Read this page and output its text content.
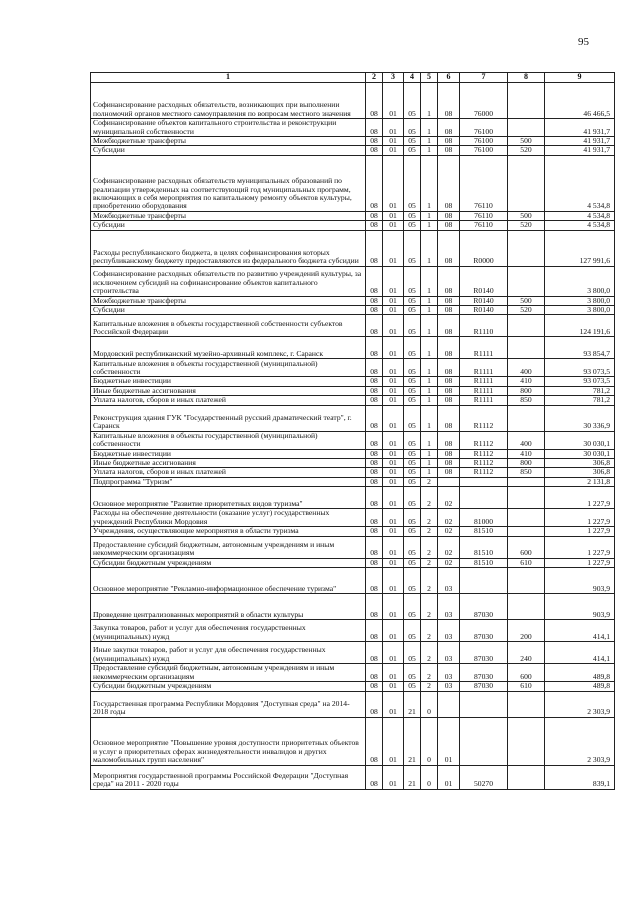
95
1	2	3	4	5	6	7	8	9
Софинансирование расходных обязательств, возникающих при выполнении полномочий органов местного самоуправления по вопросам местного значения	08	01	05	1	08	76000		46 466,5
Софинансирование объектов капитального строительства и реконструкции муниципальной собственности	08	01	05	1	08	76100		41 931,7
Межбюджетные трансферты	08	01	05	1	08	76100	500	41 931,7
Субсидии	08	01	05	1	08	76100	520	41 931,7
Софинансирование расходных обязательств муниципальных образований по реализации утвержденных на соответствующий год муниципальных программ, включающих в себя мероприятия по капитальному ремонту объектов культуры, приобретению оборудования	08	01	05	1	08	76110		4 534,8
Межбюджетные трансферты	08	01	05	1	08	76110	500	4 534,8
Субсидии	08	01	05	1	08	76110	520	4 534,8
Расходы республиканского бюджета, в целях софинансирования которых республиканскому бюджету предоставляются из федерального бюджета субсидии	08	01	05	1	08	R0000		127 991,6
Софинансирование расходных обязательств по развитию учреждений культуры, за исключением субсидий на софинансирование объектов капитального строительства	08	01	05	1	08	R0140		3 800,0
Межбюджетные трансферты	08	01	05	1	08	R0140	500	3 800,0
Субсидии	08	01	05	1	08	R0140	520	3 800,0
Капитальные вложения в объекты государственной собственности субъектов Российской Федерации	08	01	05	1	08	R1110		124 191,6
Мордовский республиканский музейно-архивный комплекс, г. Саранск	08	01	05	1	08	R1111		93 854,7
Капитальные вложения в объекты государственной (муниципальной) собственности	08	01	05	1	08	R1111	400	93 073,5
Бюджетные инвестиции	08	01	05	1	08	R1111	410	93 073,5
Иные бюджетные ассигнования	08	01	05	1	08	R1111	800	781,2
Уплата налогов, сборов и иных платежей	08	01	05	1	08	R1111	850	781,2
Реконструкция здания ГУК "Государственный русский драматический театр", г. Саранск	08	01	05	1	08	R1112		30 336,9
Капитальные вложения в объекты государственной (муниципальной) собственности	08	01	05	1	08	R1112	400	30 030,1
Бюджетные инвестиции	08	01	05	1	08	R1112	410	30 030,1
Иные бюджетные ассигнования	08	01	05	1	08	R1112	800	306,8
Уплата налогов, сборов и иных платежей	08	01	05	1	08	R1112	850	306,8
Подпрограмма "Туризм"	08	01	05	2				2 131,8
Основное мероприятие "Развитие приоритетных видов туризма"	08	01	05	2	02			1 227,9
Расходы на обеспечение деятельности (оказание услуг) государственных учреждений Республики Мордовия	08	01	05	2	02	81000		1 227,9
Учреждения, осуществляющие мероприятия в области туризма	08	01	05	2	02	81510		1 227,9
Предоставление субсидий бюджетным, автономным учреждениям и иным некоммерческим организациям	08	01	05	2	02	81510	600	1 227,9
Субсидии бюджетным учреждениям	08	01	05	2	02	81510	610	1 227,9
Основное мероприятие "Рекламно-информационное обеспечение туризма"	08	01	05	2	03			903,9
Проведение централизованных мероприятий в области культуры	08	01	05	2	03	87030		903,9
Закупка товаров, работ и услуг для обеспечения государственных (муниципальных) нужд	08	01	05	2	03	87030	200	414,1
Иные закупки товаров, работ и услуг для обеспечения государственных (муниципальных) нужд	08	01	05	2	03	87030	240	414,1
Предоставление субсидий бюджетным, автономным учреждениям и иным некоммерческим организациям	08	01	05	2	03	87030	600	489,8
Субсидии бюджетным учреждениям	08	01	05	2	03	87030	610	489,8
Государственная программа Республики Мордовия "Доступная среда" на 2014-2018 годы	08	01	21	0				2 303,9
Основное мероприятие "Повышение уровня доступности приоритетных объектов и услуг в приоритетных сферах жизнедеятельности инвалидов и других маломобильных групп населения"	08	01	21	0	01			2 303,9
Мероприятия государственной программы Российской Федерации "Доступная среда" на 2011 - 2020 годы	08	01	21	0	01	50270		839,1
